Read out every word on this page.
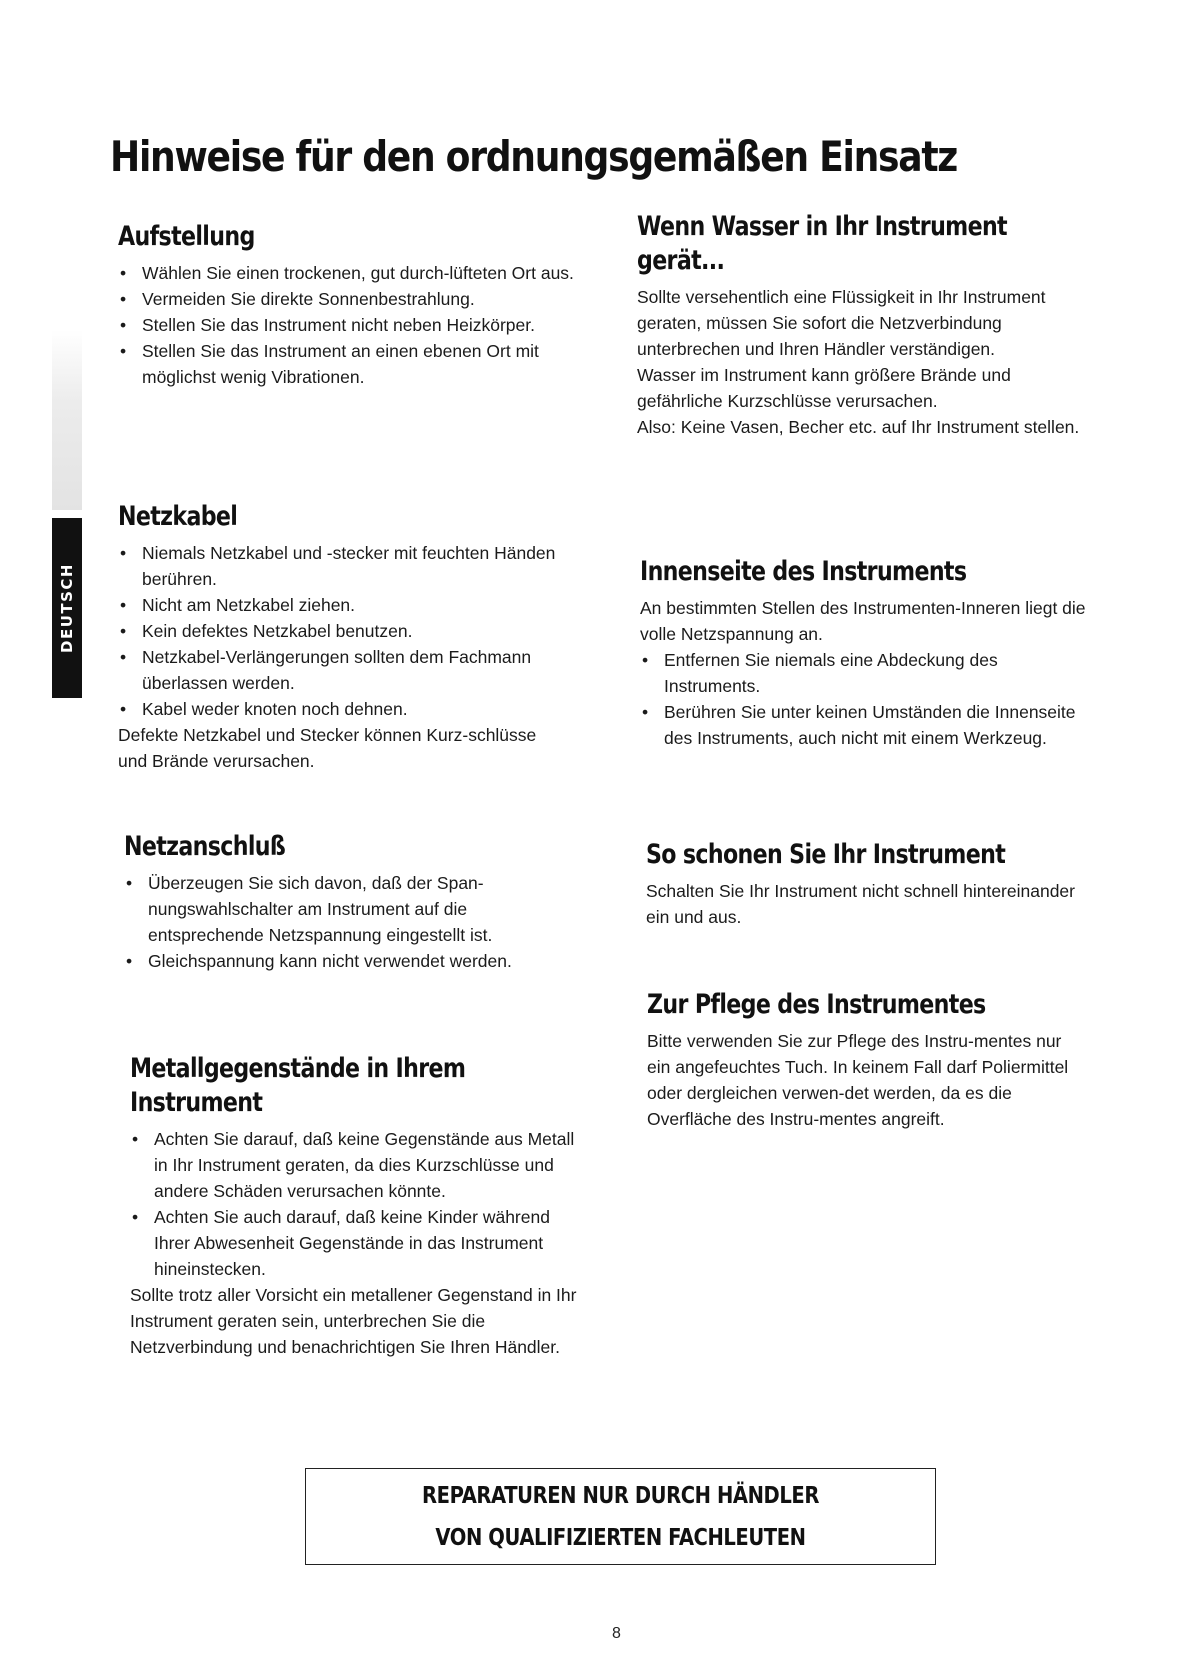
Hinweise für den ordnungsgemäßen Einsatz
DEUTSCH
Aufstellung
• Wählen Sie einen trockenen, gut durch-lüfteten Ort aus.
• Vermeiden Sie direkte Sonnenbestrahlung.
• Stellen Sie das Instrument nicht neben Heizkörper.
• Stellen Sie das Instrument an einen ebenen Ort mit möglichst wenig Vibrationen.
Netzkabel
• Niemals Netzkabel und -stecker mit feuchten Händen berühren.
• Nicht am Netzkabel ziehen.
• Kein defektes Netzkabel benutzen.
• Netzkabel-Verlängerungen sollten dem Fachmann überlassen werden.
• Kabel weder knoten noch dehnen.

Defekte Netzkabel und Stecker können Kurz-schlüsse und Brände verursachen.

Netzanschluß
• Überzeugen Sie sich davon, daß der Span-nungswahlschalter am Instrument auf die entsprechende Netzspannung eingestellt ist.
• Gleichspannung kann nicht verwendet werden.
Metallgegenstände in Ihrem
Instrument
• Achten Sie darauf, daß keine Gegenstände aus Metall in Ihr Instrument geraten, da dies Kurzschlüsse und andere Schäden verursachen könnte.
• Achten Sie auch darauf, daß keine Kinder während Ihrer Abwesenheit Gegenstände in das Instrument hineinstecken.

Sollte trotz aller Vorsicht ein metallener Gegenstand in Ihr Instrument geraten sein, unterbrechen Sie die Netzverbindung und benachrichtigen Sie Ihren Händler.

Wenn Wasser in Ihr Instrument
gerät...

Sollte versehentlich eine Flüssigkeit in Ihr Instrument geraten, müssen Sie sofort die Netzverbindung unterbrechen und Ihren Händler verständigen.

Wasser im Instrument kann größere Brände und gefährliche Kurzschlüsse verursachen.

Also: Keine Vasen, Becher etc. auf Ihr Instrument stellen.

Innenseite des Instruments

An bestimmten Stellen des Instrumenten-Inneren liegt die volle Netzspannung an.

• Entfernen Sie niemals eine Abdeckung des Instruments.
• Berühren Sie unter keinen Umständen die Innenseite des Instruments, auch nicht mit einem Werkzeug.
So schonen Sie Ihr Instrument

Schalten Sie Ihr Instrument nicht schnell hintereinander ein und aus.

Zur Pflege des Instrumentes

Bitte verwenden Sie zur Pflege des Instru-mentes nur ein angefeuchtes Tuch. In keinem Fall darf Poliermittel oder dergleichen verwen-det werden, da es die Overfläche des Instru-mentes angreift.

REPARATUREN NUR DURCH HÄNDLER
VON QUALIFIZIERTEN FACHLEUTEN
8
